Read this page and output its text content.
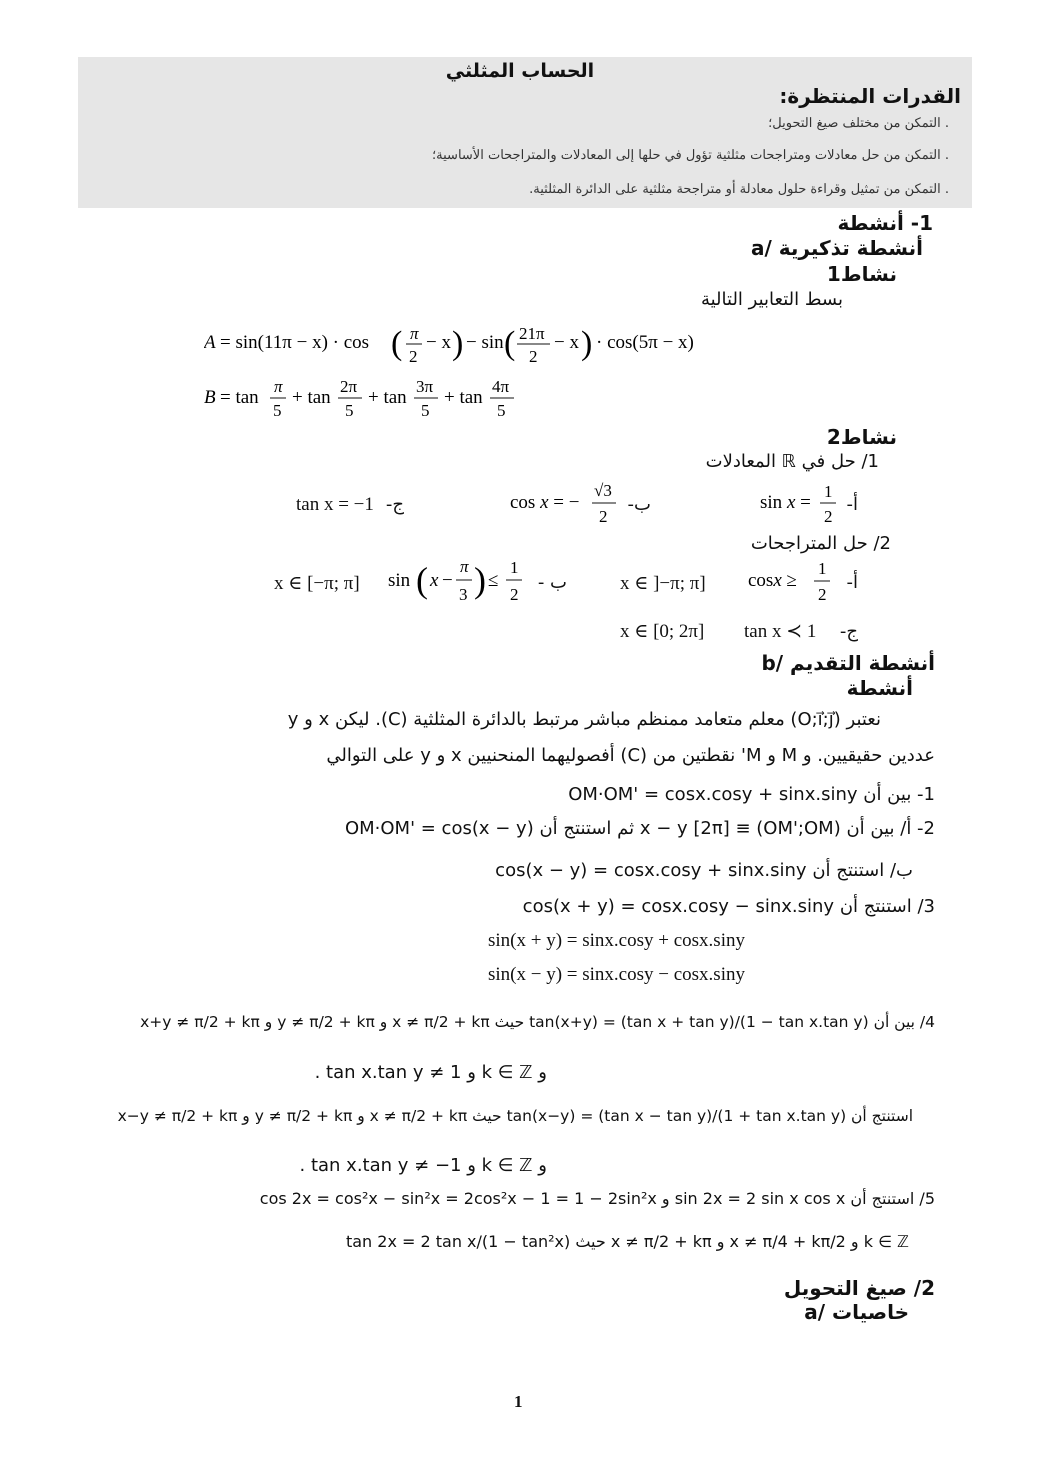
الحساب المثلثي
القدرات المنتظرة:
. التمكن من مختلف صيغ التحويل؛
. التمكن من حل معادلات ومتراجحات مثلثية تؤول في حلها إلى المعادلات والمتراجحات الأساسية؛
. التمكن من تمثيل وقراءة حلول معادلة أو متراجحة مثلثية على الدائرة المثلثية.
1- أنشطة
a/ أنشطة تذكيرية
نشاط1
بسط التعابير التالية
A = sin(11π − x) · cos ( π
2
− x ) − sin ( 21π
2
− x ) · cos(5π − x)
B = tan
π
5
+ tan
2π
5
+ tan
3π
5
+ tan
4π
5
نشاط2
1/ حل في ℝ المعادلات
أ-
sin x =
1
2
ب-
cos x = −
√3
2
ج-
tan x = −1
2/ حل المتراجحات
أ-
cosx ≥
1
2
x ∈ ]−π; π]
ب -
sin ( x −
π
3 ) ≤
1
2
x ∈ [−π; π]
ج-
tan x ≺ 1
x ∈ [0; 2π]
b/ أنشطة التقديم
أنشطة
نعتبر (O;i⃗;j⃗) معلم متعامد ممنظم مباشر مرتبط بالدائرة المثلثية (C). ليكن x و y
عددين حقيقيين. و M و M' نقطتين من (C) أفصوليهما المنحنيين x و y على التوالي
1- بين أن OM·OM' = cosx.cosy + sinx.siny
2- أ/ بين أن (OM';OM) ≡ x − y [2π] ثم استنتج أن OM·OM' = cos(x − y)
ب/ استنتج أن cos(x − y) = cosx.cosy + sinx.siny
3/ استنتج أن cos(x + y) = cosx.cosy − sinx.siny
sin(x + y) = sinx.cosy + cosx.siny
sin(x − y) = sinx.cosy − cosx.siny
4/ بين أن tan(x+y) = (tan x + tan y)/(1 − tan x.tan y) حيث x ≠ π/2 + kπ و y ≠ π/2 + kπ و x+y ≠ π/2 + kπ
و k ∈ ℤ و tan x.tan y ≠ 1 .
استنتج أن tan(x−y) = (tan x − tan y)/(1 + tan x.tan y) حيث x ≠ π/2 + kπ و y ≠ π/2 + kπ و x−y ≠ π/2 + kπ
و k ∈ ℤ و tan x.tan y ≠ −1 .
5/ استنتج أن sin 2x = 2 sin x cos x و cos 2x = cos²x − sin²x = 2cos²x − 1 = 1 − 2sin²x
tan 2x = 2 tan x/(1 − tan²x) حيث x ≠ π/2 + kπ و x ≠ π/4 + kπ/2 و k ∈ ℤ
2/ صيغ التحويل
a/ خاصيات
1
